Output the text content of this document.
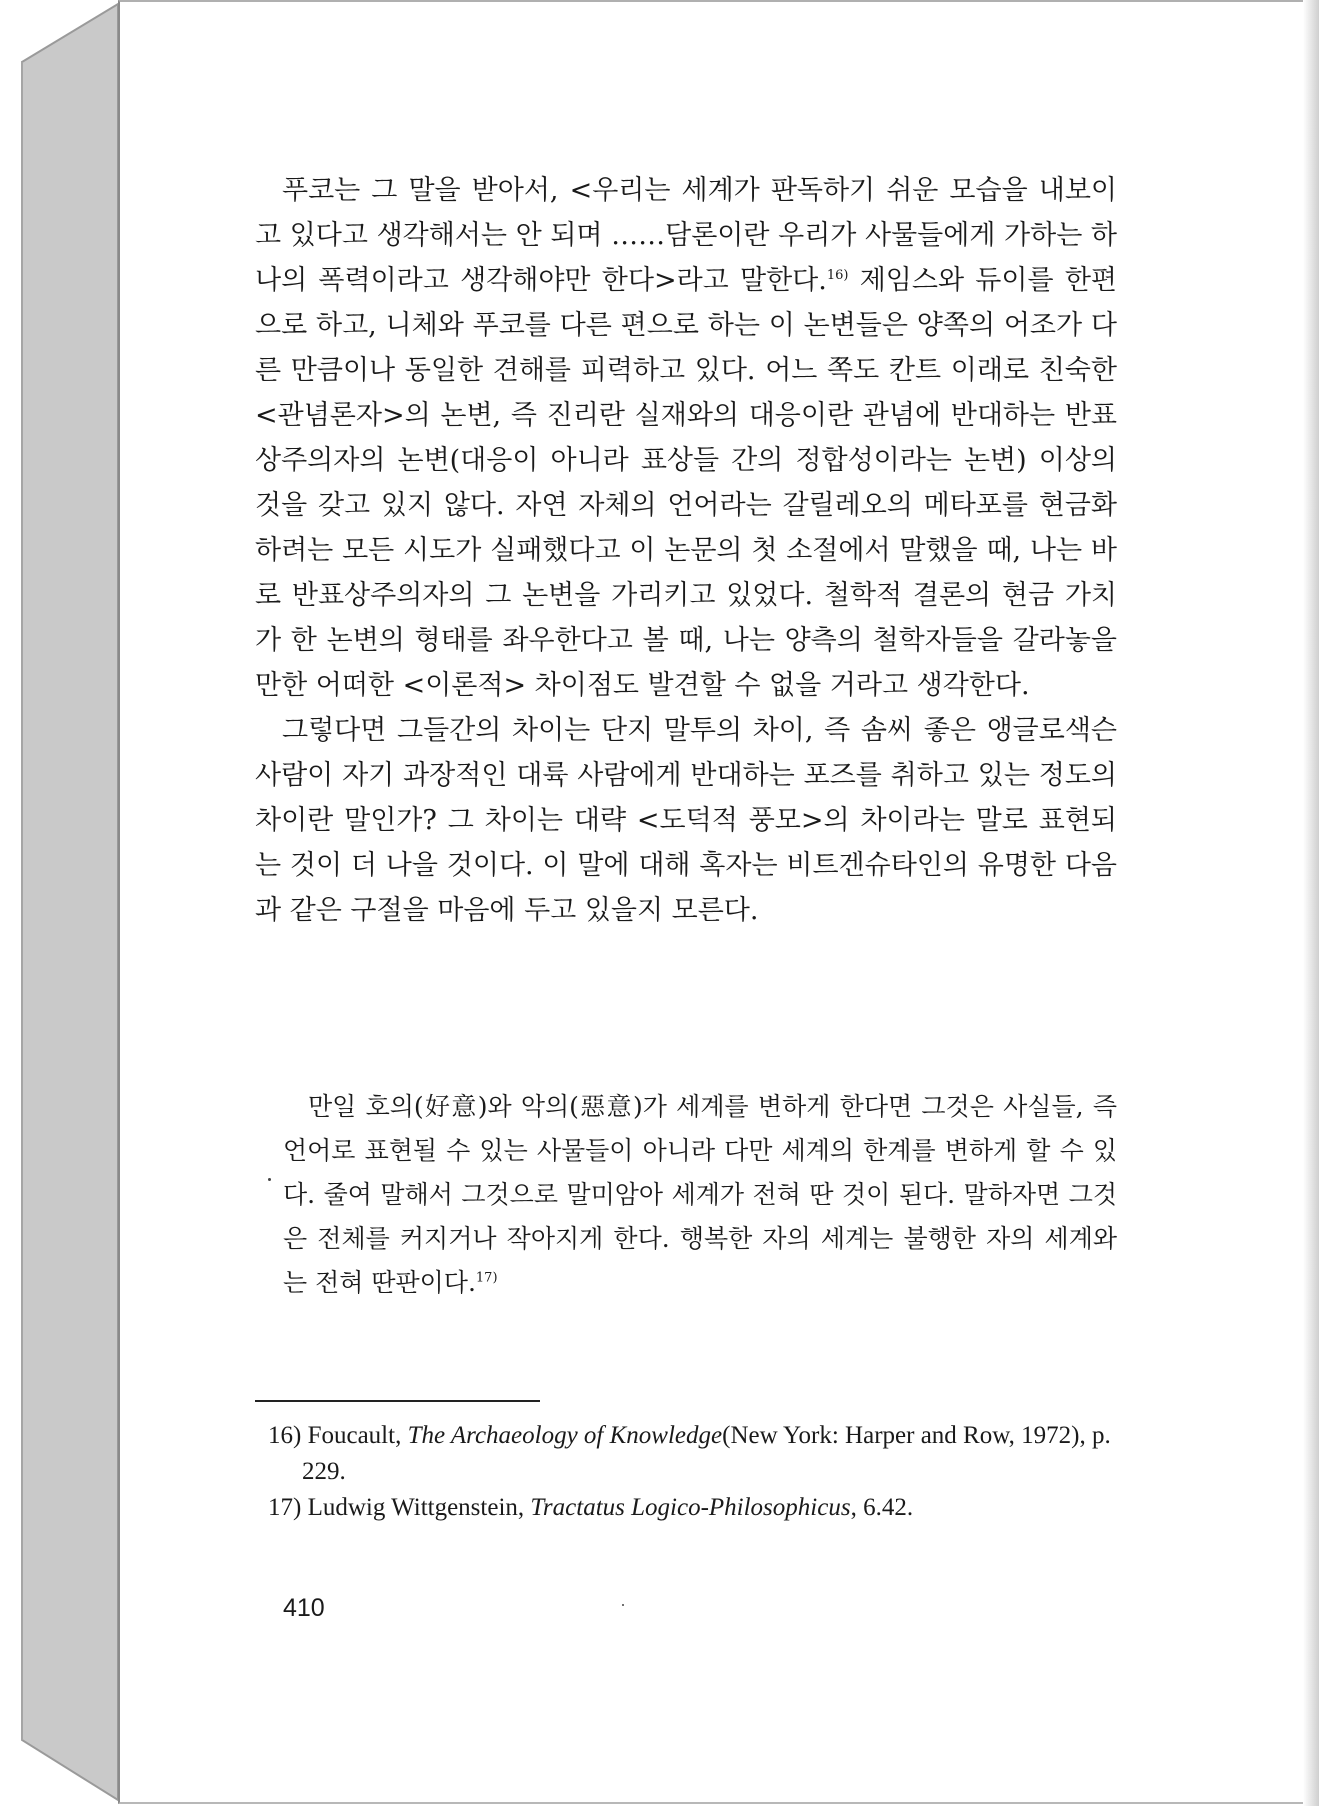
푸코는 그 말을 받아서, <우리는 세계가 판독하기 쉬운 모습을 내보이고 있다고 생각해서는 안 되며 ……담론이란 우리가 사물들에게 가하는 하나의 폭력이라고 생각해야만 한다>라고 말한다.$^{16)}$ 제임스와 듀이를 한편으로 하고, 니체와 푸코를 다른 편으로 하는 이 논변들은 양쪽의 어조가 다른 만큼이나 동일한 견해를 피력하고 있다. 어느 쪽도 칸트 이래로 친숙한 <관념론자>의 논변, 즉 진리란 실재와의 대응이란 관념에 반대하는 반표상주의자의 논변(대응이 아니라 표상들 간의 정합성이라는 논변) 이상의 것을 갖고 있지 않다. 자연 자체의 언어라는 갈릴레오의 메타포를 현금화하려는 모든 시도가 실패했다고 이 논문의 첫 소절에서 말했을 때, 나는 바로 반표상주의자의 그 논변을 가리키고 있었다. 철학적 결론의 현금 가치가 한 논변의 형태를 좌우한다고 볼 때, 나는 양측의 철학자들을 갈라놓을 만한 어떠한 <이론적> 차이점도 발견할 수 없을 거라고 생각한다.

그렇다면 그들간의 차이는 단지 말투의 차이, 즉 솜씨 좋은 앵글로색슨 사람이 자기 과장적인 대륙 사람에게 반대하는 포즈를 취하고 있는 정도의 차이란 말인가? 그 차이는 대략 <도덕적 풍모>의 차이라는 말로 표현되는 것이 더 나을 것이다. 이 말에 대해 혹자는 비트겐슈타인의 유명한 다음과 같은 구절을 마음에 두고 있을지 모른다.

만일 호의(好意)와 악의(惡意)가 세계를 변하게 한다면 그것은 사실들, 즉 언어로 표현될 수 있는 사물들이 아니라 다만 세계의 한계를 변하게 할 수 있다. 줄여 말해서 그것으로 말미암아 세계가 전혀 딴 것이 된다. 말하자면 그것은 전체를 커지거나 작아지게 한다. 행복한 자의 세계는 불행한 자의 세계와는 전혀 딴판이다.$^{17)}$

16) Foucault, The Archaeology of Knowledge(New York: Harper and Row, 1972), p. 229.

17) Ludwig Wittgenstein, Tractatus Logico-Philosophicus, 6.42.

410
